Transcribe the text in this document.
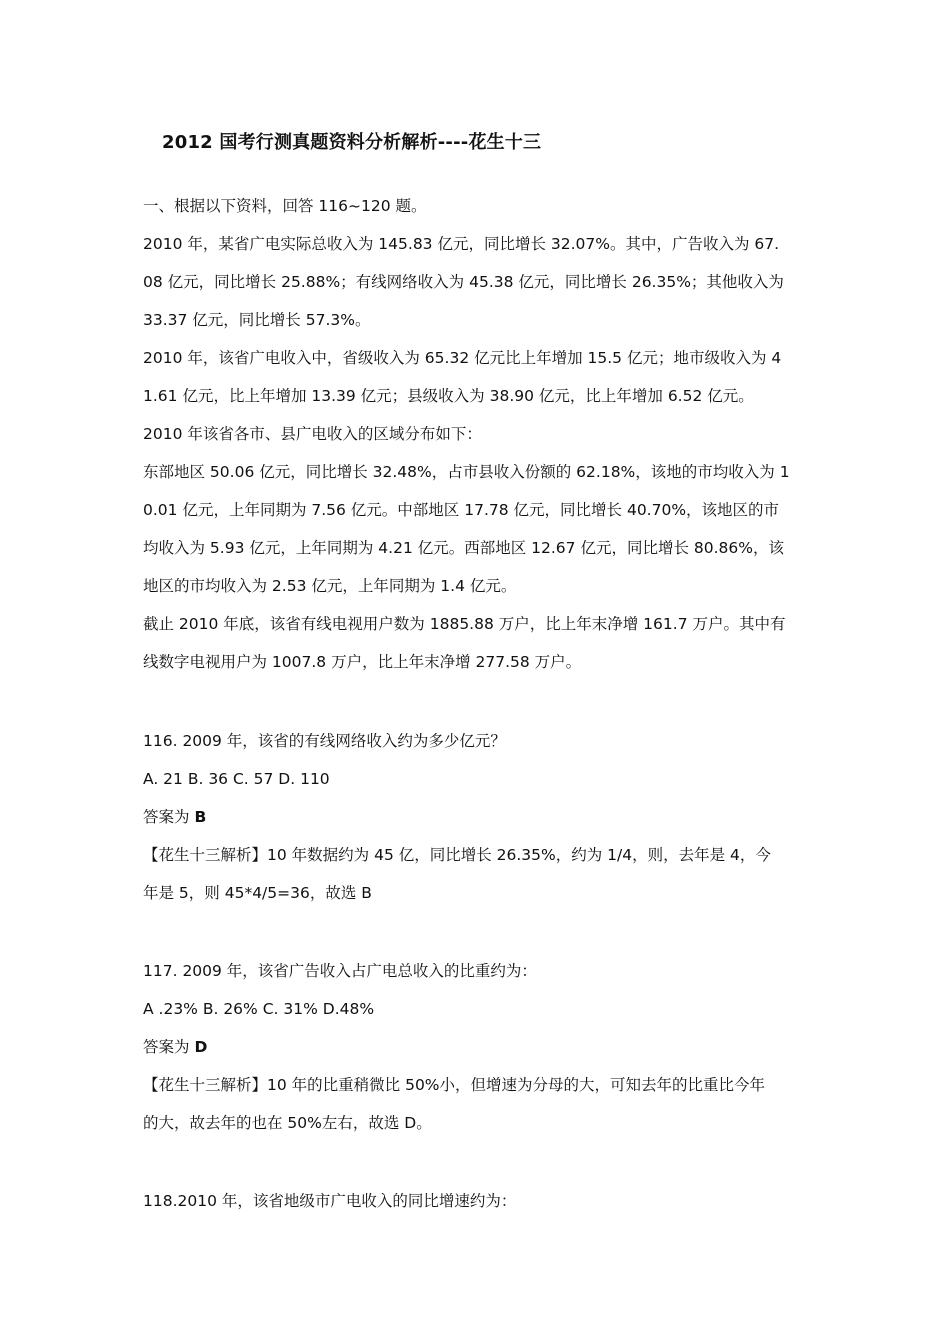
2012 国考行测真题资料分析解析----花生十三
一、根据以下资料，回答 116~120 题。
2010 年，某省广电实际总收入为 145.83 亿元，同比增长 32.07%。其中，广告收入为 67.
08 亿元，同比增长 25.88%；有线网络收入为 45.38 亿元，同比增长 26.35%；其他收入为
33.37 亿元，同比增长 57.3%。
2010 年，该省广电收入中，省级收入为 65.32 亿元比上年增加 15.5 亿元；地市级收入为 4
1.61 亿元，比上年增加 13.39 亿元；县级收入为 38.90 亿元，比上年增加 6.52 亿元。
2010 年该省各市、县广电收入的区域分布如下：
东部地区 50.06 亿元，同比增长 32.48%，占市县收入份额的 62.18%，该地的市均收入为 1
0.01 亿元，上年同期为 7.56 亿元。中部地区 17.78 亿元，同比增长 40.70%，该地区的市
均收入为 5.93 亿元，上年同期为 4.21 亿元。西部地区 12.67 亿元，同比增长 80.86%，该
地区的市均收入为 2.53 亿元，上年同期为 1.4 亿元。
截止 2010 年底，该省有线电视用户数为 1885.88 万户，比上年末净增 161.7 万户。其中有
线数字电视用户为 1007.8 万户，比上年末净增 277.58 万户。
116. 2009 年，该省的有线网络收入约为多少亿元？
A. 21 B. 36 C. 57 D. 110
答案为 B
【花生十三解析】10 年数据约为 45 亿，同比增长 26.35%，约为 1/4，则，去年是 4，今
年是 5，则 45*4/5=36，故选 B
117. 2009 年，该省广告收入占广电总收入的比重约为：
A .23% B. 26% C. 31% D.48%
答案为 D
【花生十三解析】10 年的比重稍微比 50%小，但增速为分母的大，可知去年的比重比今年
的大，故去年的也在 50%左右，故选 D。
118.2010 年，该省地级市广电收入的同比增速约为：
